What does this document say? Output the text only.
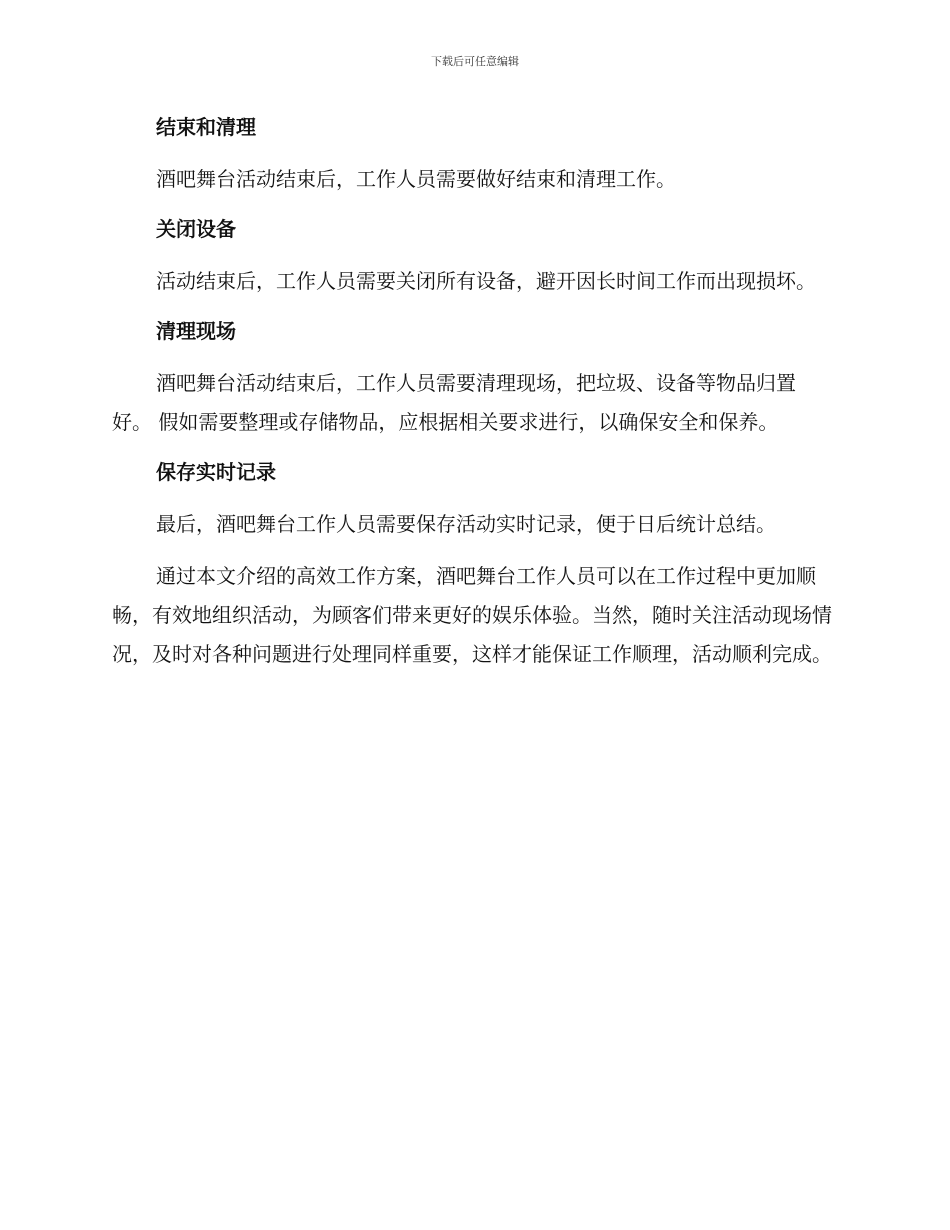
下载后可任意编辑
结束和清理

酒吧舞台活动结束后，工作人员需要做好结束和清理工作。

关闭设备

活动结束后，工作人员需要关闭所有设备，避开因长时间工作而出现损坏。

清理现场

酒吧舞台活动结束后，工作人员需要清理现场，把垃圾、设备等物品归置好。 假如需要整理或存储物品，应根据相关要求进行，以确保安全和保养。

保存实时记录

最后，酒吧舞台工作人员需要保存活动实时记录，便于日后统计总结。

通过本文介绍的高效工作方案，酒吧舞台工作人员可以在工作过程中更加顺畅，有效地组织活动，为顾客们带来更好的娱乐体验。当然，随时关注活动现场情况，及时对各种问题进行处理同样重要，这样才能保证工作顺理，活动顺利完成。
